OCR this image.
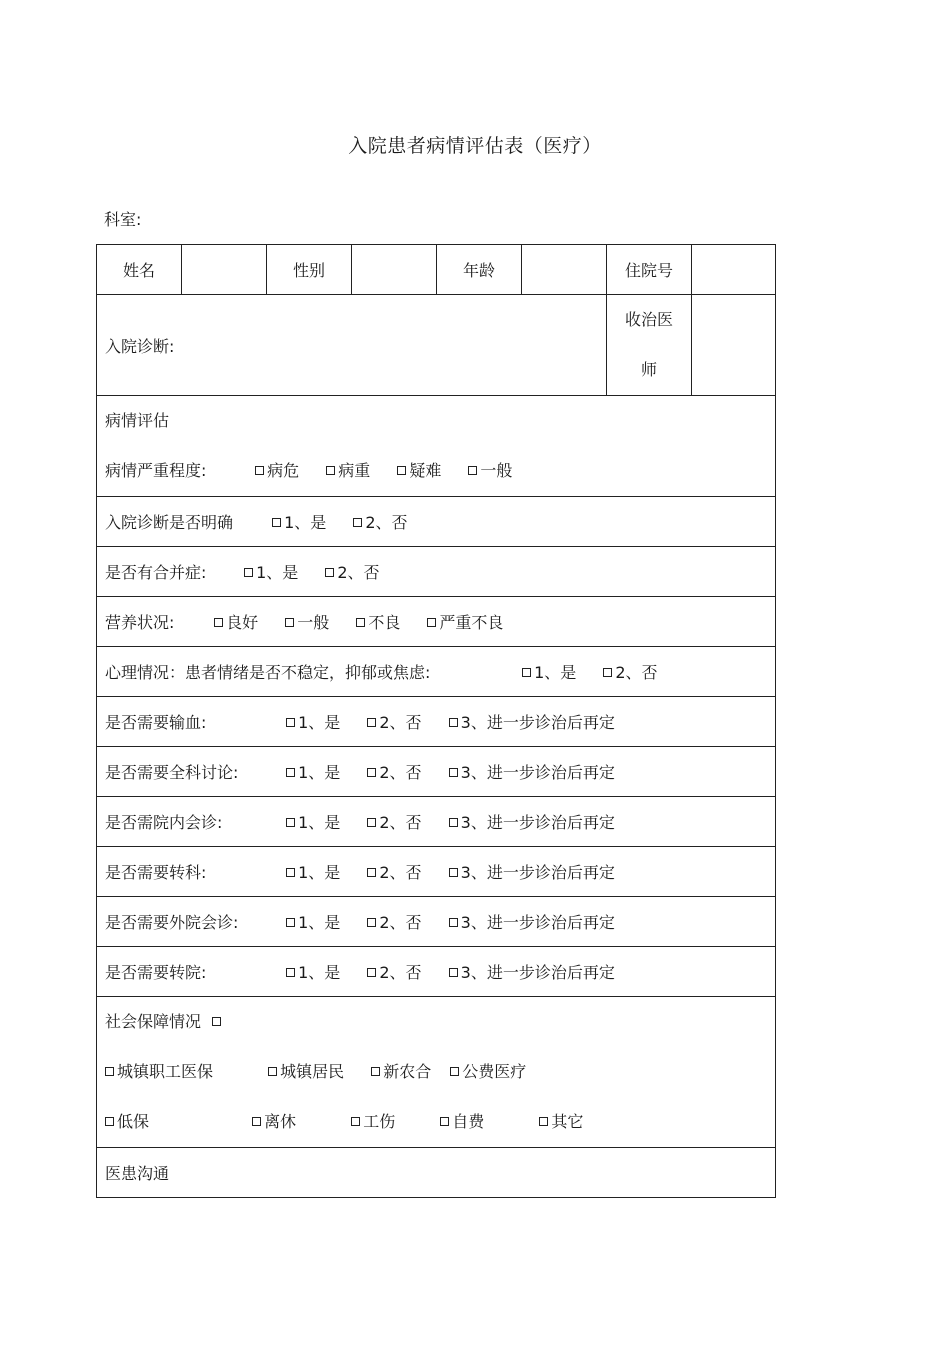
入院患者病情评估表（医疗）
科室:
姓名		性别		年龄		住院号	
入院诊断:						收治医
师	

病情评估
病情严重程度: 病危 病重 疑难 一般							

入院诊断是否明确 1、是 2、否							
是否有合并症: 1、是 2、否							
营养状况: 良好 一般 不良 严重不良							
心理情况：患者情绪是否不稳定，抑郁或焦虑: 1、是 2、否							
是否需要输血: 1、是 2、否 3、进一步诊治后再定							
是否需要全科讨论: 1、是 2、否 3、进一步诊治后再定							
是否需院内会诊: 1、是 2、否 3、进一步诊治后再定							
是否需要转科: 1、是 2、否 3、进一步诊治后再定							
是否需要外院会诊: 1、是 2、否 3、进一步诊治后再定							
是否需要转院: 1、是 2、否 3、进一步诊治后再定							

社会保障情况
城镇职工医保 城镇居民 新农合 公费医疗
低保 离休 工伤 自费 其它							

医患沟通							
